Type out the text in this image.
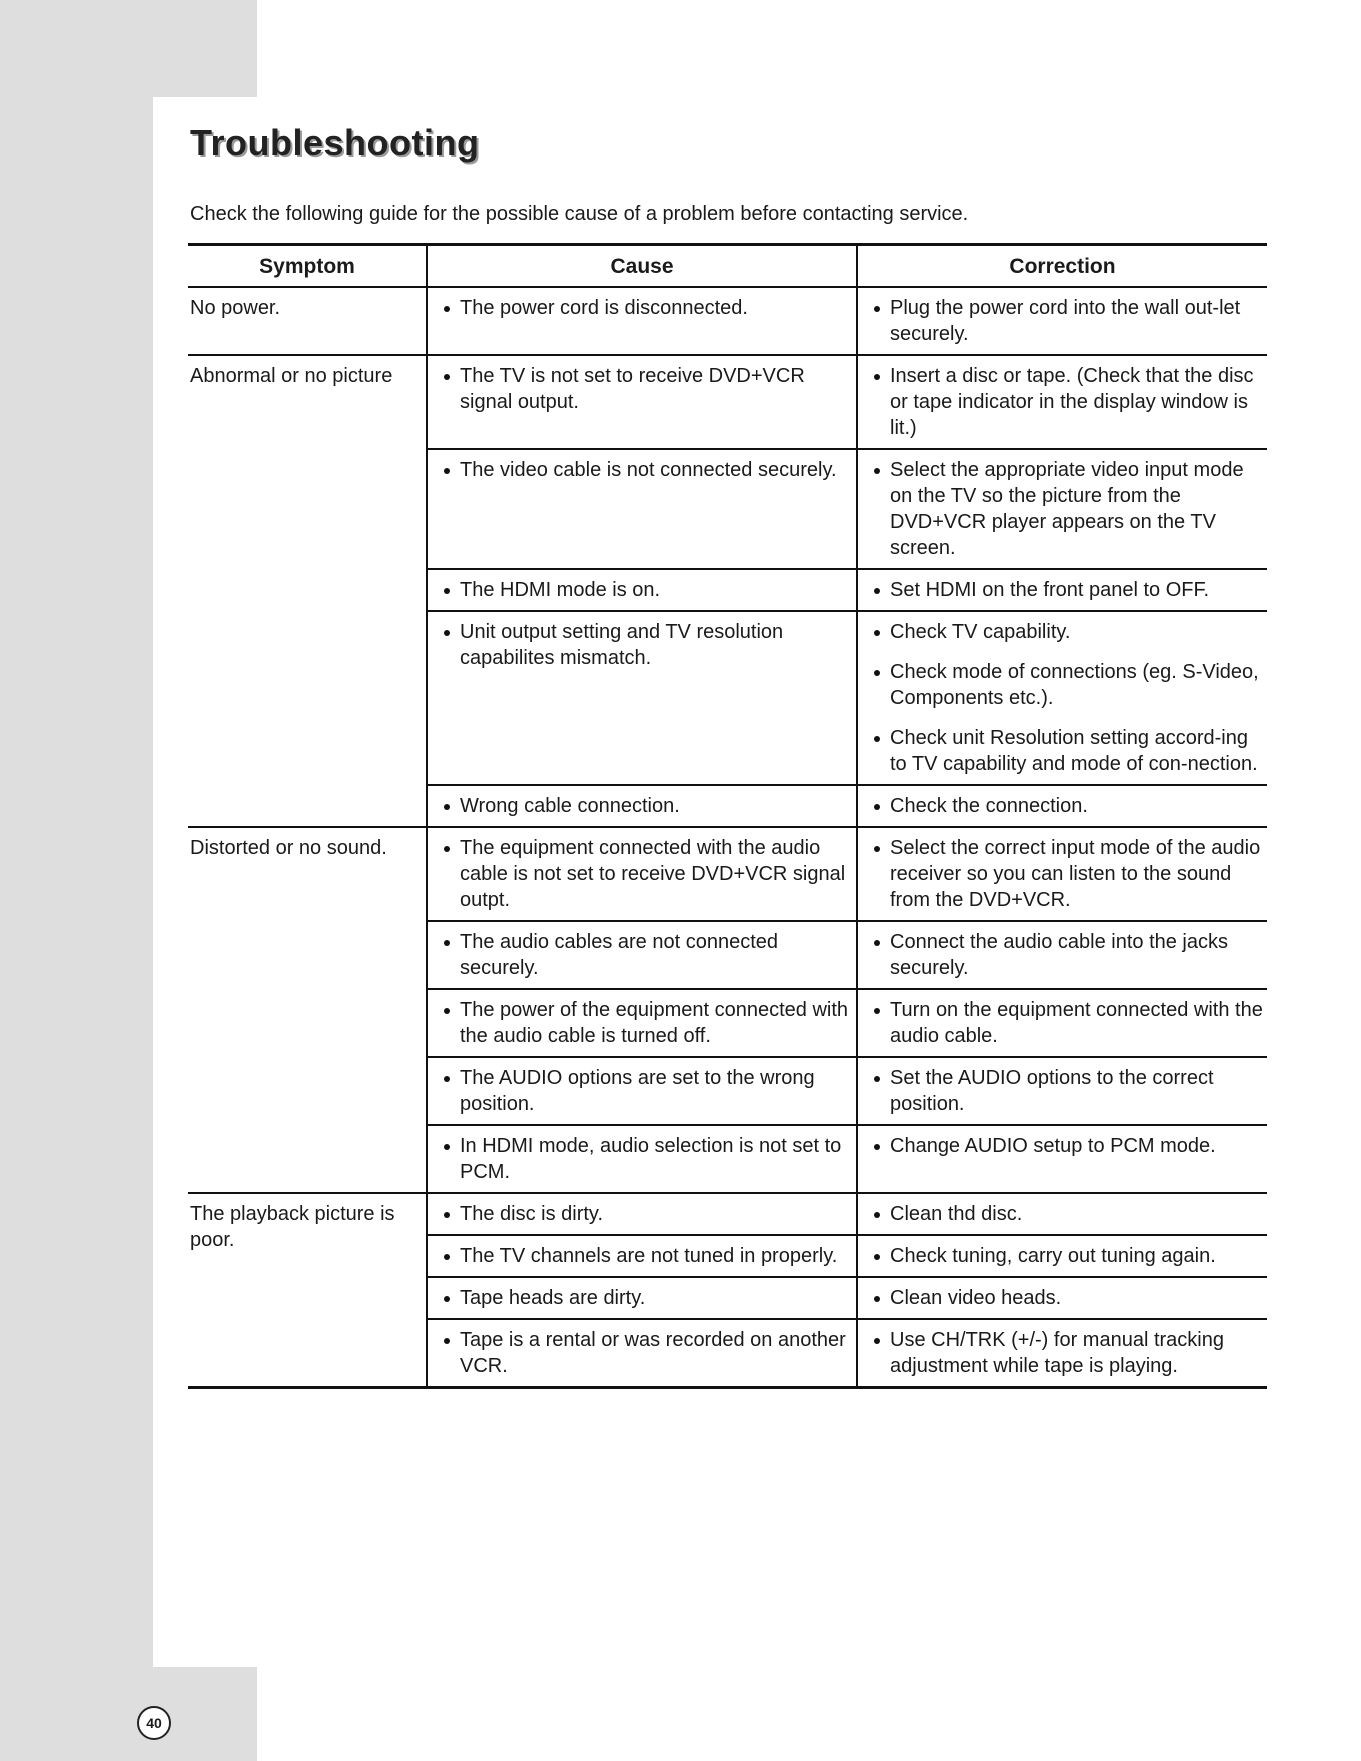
Troubleshooting

Check the following guide for the possible cause of a problem before contacting service.

Symptom	Cause	Correction
No power.	The power cord is disconnected.	Plug the power cord into the wall out-let securely.

Abnormal or no picture	The TV is not set to receive DVD+VCR signal output.	Insert a disc or tape. (Check that the disc or tape indicator in the display window is lit.)

	The video cable is not connected securely.	Select the appropriate video input mode on the TV so the picture from the DVD+VCR player appears on the TV screen.

	The HDMI mode is on.	Set HDMI on the front panel to OFF.

	Unit output setting and TV resolution capabilites mismatch.	Check TV capability.
Check mode of connections (eg. S-Video, Components etc.).
Check unit Resolution setting accord-ing to TV capability and mode of con-nection.

	Wrong cable connection.	Check the connection.

Distorted or no sound.	The equipment connected with the audio cable is not set to receive DVD+VCR signal outpt.	Select the correct input mode of the audio receiver so you can listen to the sound from the DVD+VCR.

	The audio cables are not connected securely.	Connect the audio cable into the jacks securely.

	The power of the equipment connected with the audio cable is turned off.	Turn on the equipment connected with the audio cable.

	The AUDIO options are set to the wrong position.	Set the AUDIO options to the correct position.

	In HDMI mode, audio selection is not set to PCM.	Change AUDIO setup to PCM mode.

The playback picture is poor.	The disc is dirty.	Clean thd disc.

	The TV channels are not tuned in properly.	Check tuning, carry out tuning again.

	Tape heads are dirty.	Clean video heads.

	Tape is a rental or was recorded on another VCR.	Use CH/TRK (+/-) for manual tracking adjustment while tape is playing.
40
